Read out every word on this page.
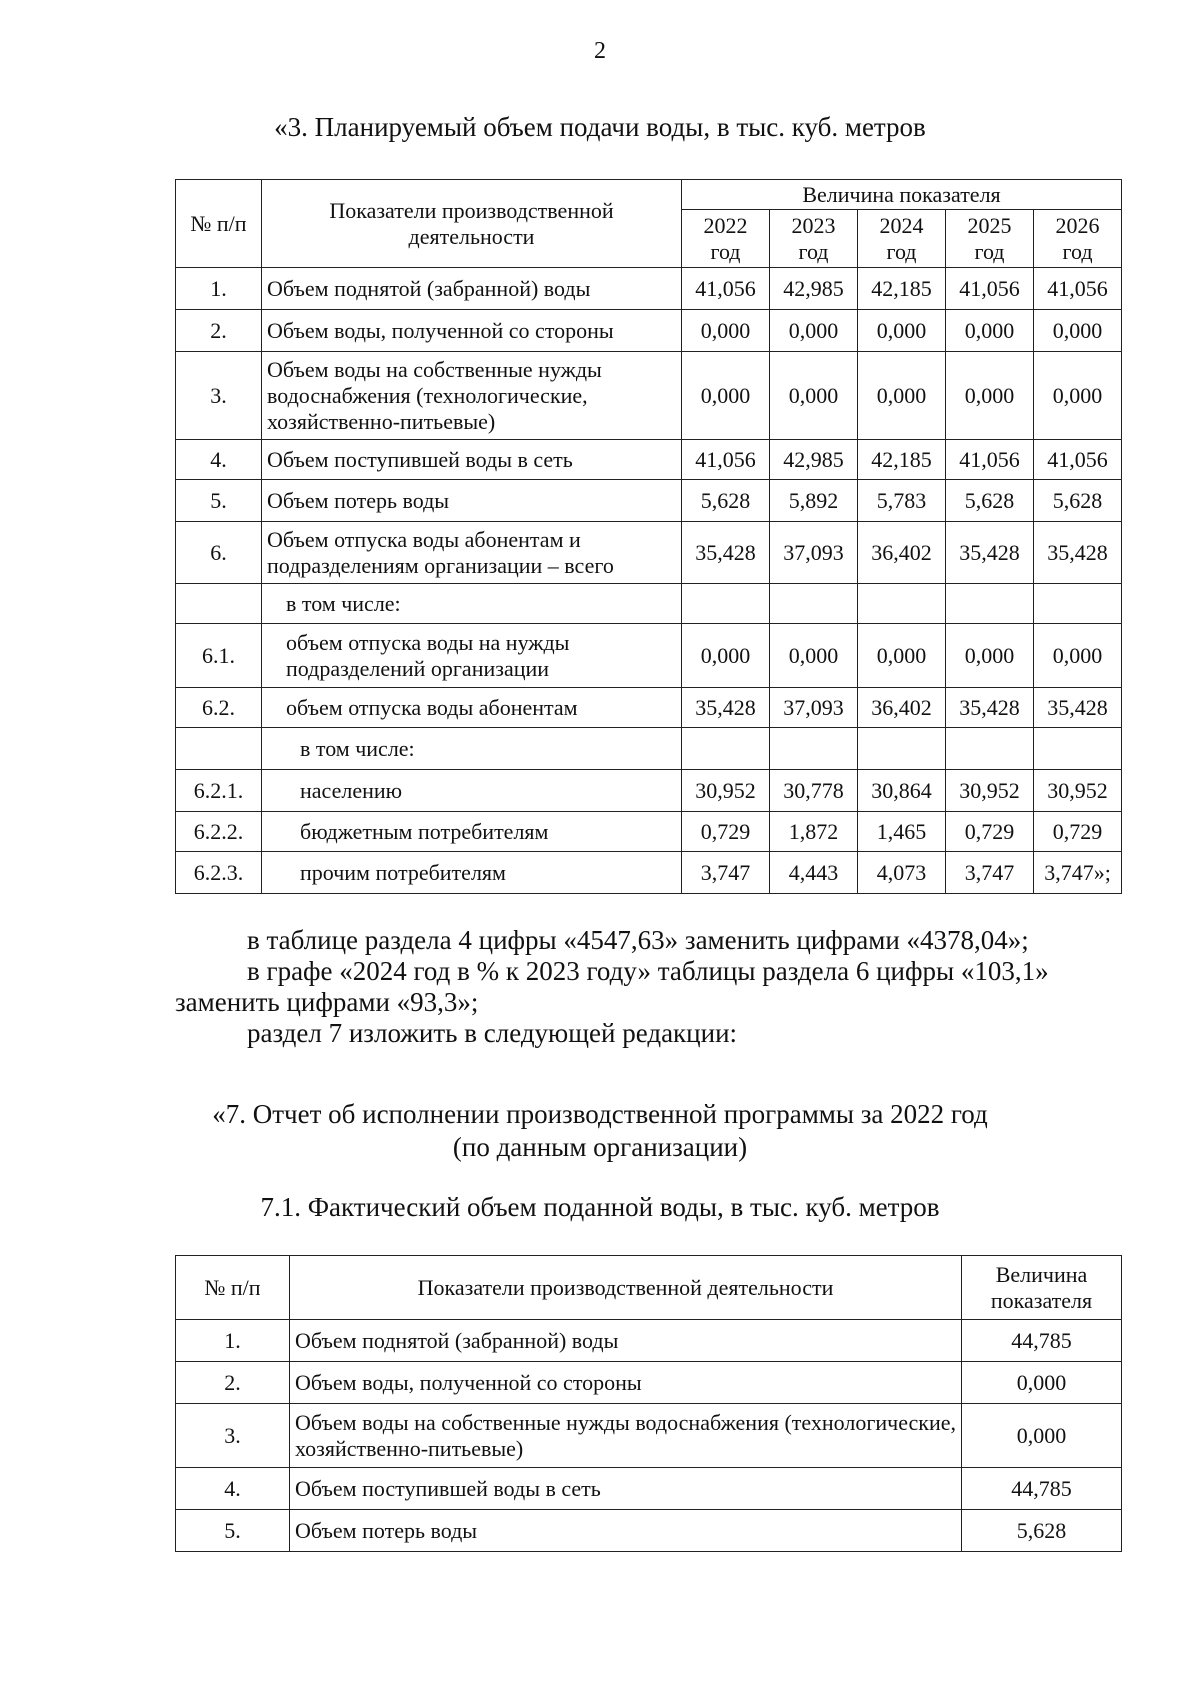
2
«3. Планируемый объем подачи воды, в тыс. куб. метров
№ п/п	Показатели производственной деятельности	Величина показателя				
		2022 год	2023 год	2024 год	2025 год	2026 год
1.	Объем поднятой (забранной) воды	41,056	42,985	42,185	41,056	41,056
2.	Объем воды, полученной со стороны	0,000	0,000	0,000	0,000	0,000
3.	Объем воды на собственные нужды водоснабжения (технологические, хозяйственно-питьевые)	0,000	0,000	0,000	0,000	0,000
4.	Объем поступившей воды в сеть	41,056	42,985	42,185	41,056	41,056
5.	Объем потерь воды	5,628	5,892	5,783	5,628	5,628
6.	Объем отпуска воды абонентам и подразделениям организации – всего	35,428	37,093	36,402	35,428	35,428
	в том числе:					
6.1.	объем отпуска воды на нужды подразделений организации	0,000	0,000	0,000	0,000	0,000
6.2.	объем отпуска воды абонентам	35,428	37,093	36,402	35,428	35,428
	в том числе:					
6.2.1.	населению	30,952	30,778	30,864	30,952	30,952
6.2.2.	бюджетным потребителям	0,729	1,872	1,465	0,729	0,729
6.2.3.	прочим потребителям	3,747	4,443	4,073	3,747	3,747»;

в таблице раздела 4 цифры «4547,63» заменить цифрами «4378,04»;

в графе «2024 год в % к 2023 году» таблицы раздела 6 цифры «103,1» заменить цифрами «93,3»;

раздел 7 изложить в следующей редакции:

«7. Отчет об исполнении производственной программы за 2022 год
(по данным организации)
7.1. Фактический объем поданной воды, в тыс. куб. метров
№ п/п	Показатели производственной деятельности	Величина показателя
1.	Объем поднятой (забранной) воды	44,785
2.	Объем воды, полученной со стороны	0,000
3.	Объем воды на собственные нужды водоснабжения (технологические, хозяйственно-питьевые)	0,000
4.	Объем поступившей воды в сеть	44,785
5.	Объем потерь воды	5,628
